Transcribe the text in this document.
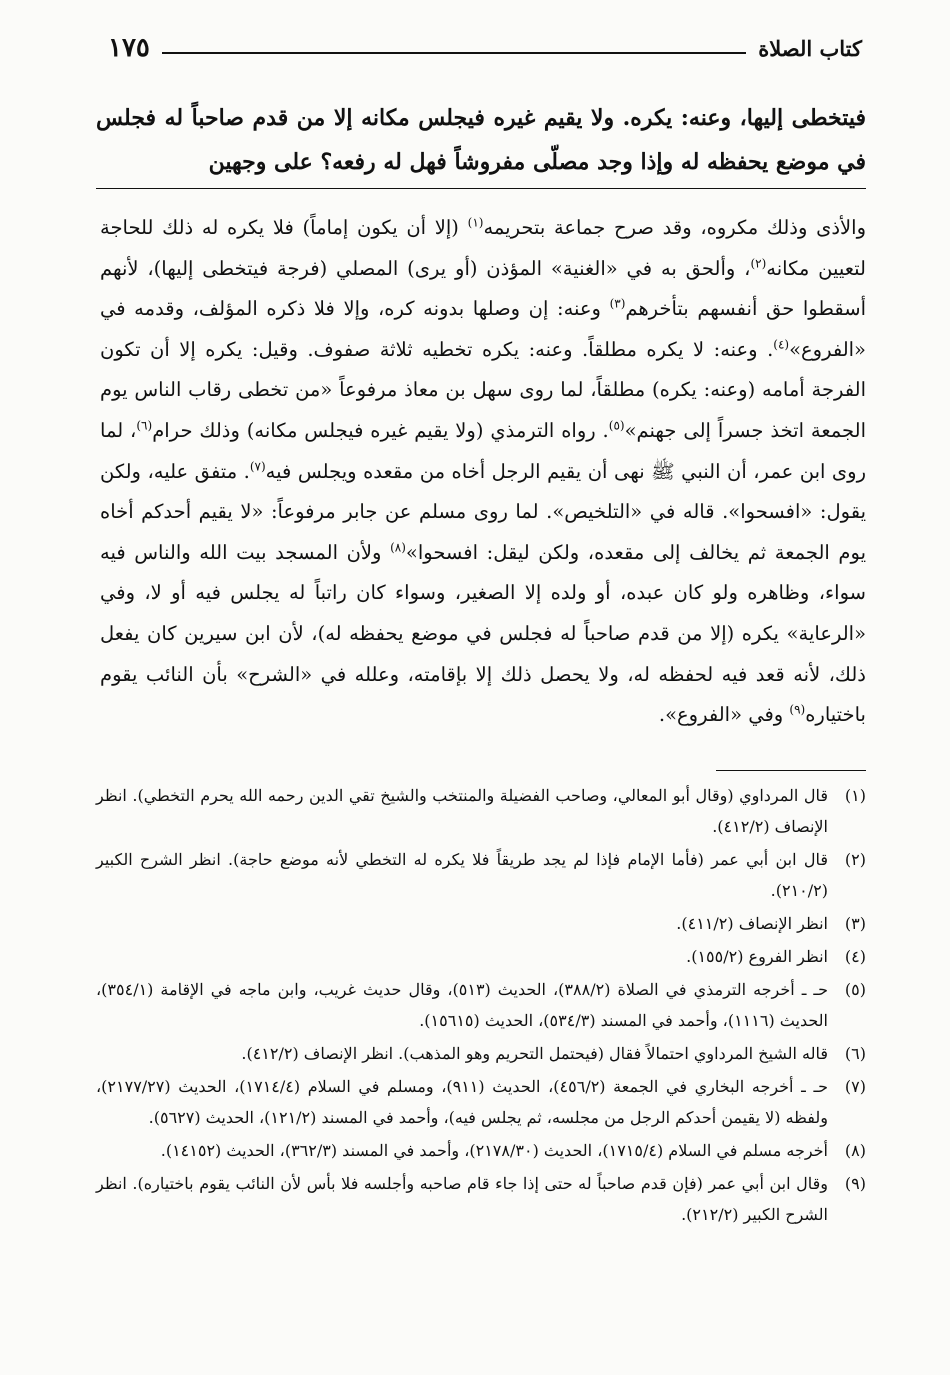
كتاب الصلاة
١٧٥
فيتخطى إليها، وعنه: يكره. ولا يقيم غيره فيجلس مكانه إلا من قدم صاحباً له فجلس في موضع يحفظه له وإذا وجد مصلّى مفروشاً فهل له رفعه؟ على وجهين

والأذى وذلك مكروه، وقد صرح جماعة بتحريمه$^{(١)}$ (إلا أن يكون إماماً) فلا يكره له ذلك للحاجة لتعيين مكانه$^{(٢)}$، وألحق به في «الغنية» المؤذن (أو يرى) المصلي (فرجة فيتخطى إليها)، لأنهم أسقطوا حق أنفسهم بتأخرهم$^{(٣)}$ وعنه: إن وصلها بدونه كره، وإلا فلا ذكره المؤلف، وقدمه في «الفروع»$^{(٤)}$. وعنه: لا يكره مطلقاً. وعنه: يكره تخطيه ثلاثة صفوف. وقيل: يكره إلا أن تكون الفرجة أمامه (وعنه: يكره) مطلقاً، لما روى سهل بن معاذ مرفوعاً «من تخطى رقاب الناس يوم الجمعة اتخذ جسراً إلى جهنم»$^{(٥)}$. رواه الترمذي (ولا يقيم غيره فيجلس مكانه) وذلك حرام$^{(٦)}$، لما روى ابن عمر، أن النبي ﷺ نهى أن يقيم الرجل أخاه من مقعده ويجلس فيه$^{(٧)}$. متفق عليه، ولكن يقول: «افسحوا». قاله في «التلخيص». لما روى مسلم عن جابر مرفوعاً: «لا يقيم أحدكم أخاه يوم الجمعة ثم يخالف إلى مقعده، ولكن ليقل: افسحوا»$^{(٨)}$ ولأن المسجد بيت الله والناس فيه سواء، وظاهره ولو كان عبده، أو ولده إلا الصغير، وسواء كان راتباً له يجلس فيه أو لا، وفي «الرعاية» يكره (إلا من قدم صاحباً له فجلس في موضع يحفظه له)، لأن ابن سيرين كان يفعل ذلك، لأنه قعد فيه لحفظه له، ولا يحصل ذلك إلا بإقامته، وعلله في «الشرح» بأن النائب يقوم باختياره$^{(٩)}$ وفي «الفروع».

(١)
قال المرداوي (وقال أبو المعالي، وصاحب الفضيلة والمنتخب والشيخ تقي الدين رحمه الله يحرم التخطي). انظر الإنصاف (٤١٢/٢).
(٢)
قال ابن أبي عمر (فأما الإمام فإذا لم يجد طريقاً فلا يكره له التخطي لأنه موضع حاجة). انظر الشرح الكبير (٢١٠/٢).
(٣)
انظر الإنصاف (٤١١/٢).
(٤)
انظر الفروع (١٥٥/٢).
(٥)
حـ ـ أخرجه الترمذي في الصلاة (٣٨٨/٢)، الحديث (٥١٣)، وقال حديث غريب، وابن ماجه في الإقامة (٣٥٤/١)، الحديث (١١١٦)، وأحمد في المسند (٥٣٤/٣)، الحديث (١٥٦١٥).
(٦)
قاله الشيخ المرداوي احتمالاً فقال (فيحتمل التحريم وهو المذهب). انظر الإنصاف (٤١٢/٢).
(٧)
حـ ـ أخرجه البخاري في الجمعة (٤٥٦/٢)، الحديث (٩١١)، ومسلم في السلام (١٧١٤/٤)، الحديث (٢١٧٧/٢٧)، ولفظه (لا يقيمن أحدكم الرجل من مجلسه، ثم يجلس فيه)، وأحمد في المسند (١٢١/٢)، الحديث (٥٦٢٧).
(٨)
أخرجه مسلم في السلام (١٧١٥/٤)، الحديث (٢١٧٨/٣٠)، وأحمد في المسند (٣٦٢/٣)، الحديث (١٤١٥٢).
(٩)
وقال ابن أبي عمر (فإن قدم صاحباً له حتى إذا جاء قام صاحبه وأجلسه فلا بأس لأن النائب يقوم باختياره). انظر الشرح الكبير (٢١٢/٢).
